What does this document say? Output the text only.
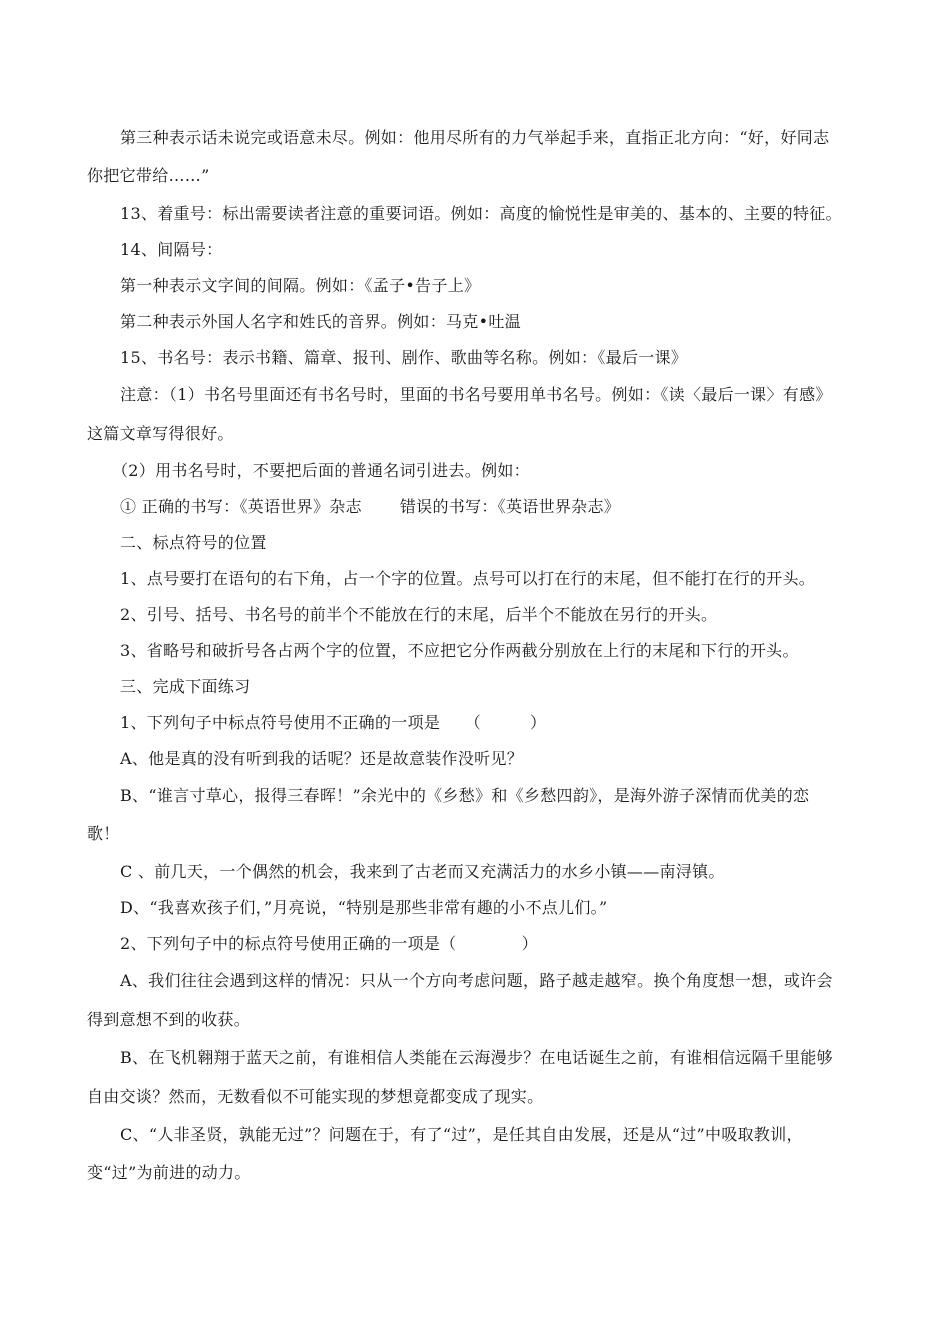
第三种表示话未说完或语意未尽。例如：他用尽所有的力气举起手来，直指正北方向：“好，好同志
你把它带给……”
13、着重号：标出需要读者注意的重要词语。例如：高度的愉悦性是审美的、基本的、主要的特征。
14、间隔号：
第一种表示文字间的间隔。例如：《孟子•告子上》
第二种表示外国人名字和姓氏的音界。例如：马克•吐温
15、书名号：表示书籍、篇章、报刊、剧作、歌曲等名称。例如：《最后一课》
注意：（1）书名号里面还有书名号时，里面的书名号要用单书名号。例如：《读〈最后一课〉有感》
这篇文章写得很好。
（2）用书名号时，不要把后面的普通名词引进去。例如：
① 正确的书写：《英语世界》杂志　　 错误的书写：《英语世界杂志》
二、标点符号的位置
1、点号要打在语句的右下角，占一个字的位置。点号可以打在行的末尾，但不能打在行的开头。
2、引号、括号、书名号的前半个不能放在行的末尾，后半个不能放在另行的开头。
3、省略号和破折号各占两个字的位置，不应把它分作两截分别放在上行的末尾和下行的开头。
三、完成下面练习
1、下列句子中标点符号使用不正确的一项是　　（　　　）
A、他是真的没有听到我的话呢？还是故意装作没听见？
B、“谁言寸草心，报得三春晖！”余光中的《乡愁》和《乡愁四韵》，是海外游子深情而优美的恋
歌！
C 、前几天，一个偶然的机会，我来到了古老而又充满活力的水乡小镇——南浔镇。
D、“我喜欢孩子们，”月亮说，“特别是那些非常有趣的小不点儿们。”
2、下列句子中的标点符号使用正确的一项是（　　　　）
A、我们往往会遇到这样的情况：只从一个方向考虑问题，路子越走越窄。换个角度想一想，或许会
得到意想不到的收获。
B、在飞机翱翔于蓝天之前，有谁相信人类能在云海漫步？在电话诞生之前，有谁相信远隔千里能够
自由交谈？然而，无数看似不可能实现的梦想竟都变成了现实。
C、“人非圣贤，孰能无过”？问题在于，有了“过”，是任其自由发展，还是从“过”中吸取教训，
变“过”为前进的动力。
